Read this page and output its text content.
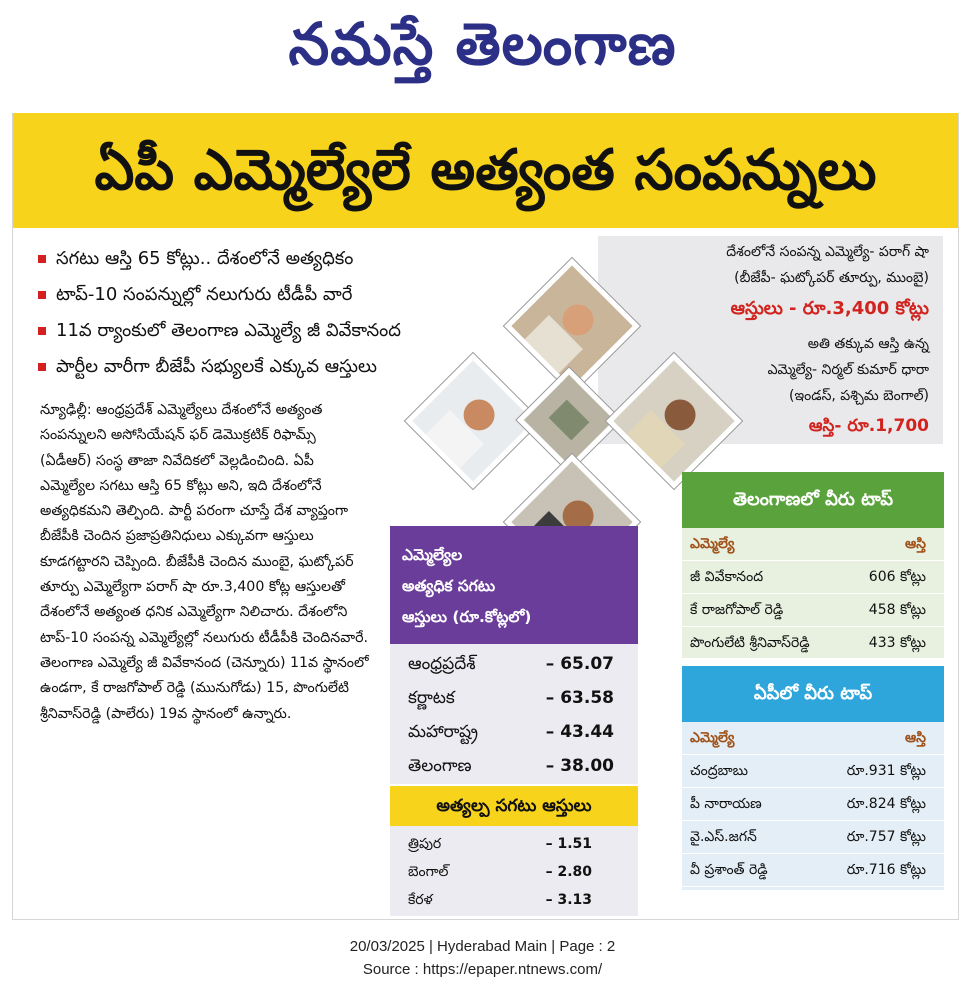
నమస్తే తెలంగాణ
ఏపీ ఎమ్మెల్యేలే అత్యంత సంపన్నులు
సగటు ఆస్తి 65 కోట్లు.. దేశంలోనే అత్యధికం
టాప్‌-10 సంపన్నుల్లో నలుగురు టీడీపీ వారే
11వ ర్యాంకులో తెలంగాణ ఎమ్మెల్యే జీ వివేకానంద
పార్టీల వారీగా బీజేపీ సభ్యులకే ఎక్కువ ఆస్తులు
న్యూఢిల్లీ: ఆంధ్రప్రదేశ్‌ ఎమ్మెల్యేలు దేశంలోనే అత్యంత సంపన్నులని అసోసియేషన్‌ ఫర్‌ డెమొక్రటిక్‌ రిఫామ్స్‌ (ఏడీఆర్‌) సంస్థ తాజా నివేదికలో వెల్లడించింది. ఏపీ ఎమ్మెల్యేల సగటు ఆస్తి 65 కోట్లు అని, ఇది దేశంలోనే అత్యధికమని తెల్పింది. పార్టీ పరంగా చూస్తే దేశ వ్యాప్తంగా బీజేపీకి చెందిన ప్రజాప్రతినిధులు ఎక్కువగా ఆస్తులు కూడగట్టారని చెప్పింది. బీజేపీకి చెందిన ముంబై, ఘట్కోపర్‌ తూర్పు ఎమ్మెల్యేగా పరాగ్‌ షా రూ.3,400 కోట్ల ఆస్తులతో దేశంలోనే అత్యంత ధనిక ఎమ్మెల్యేగా నిలిచారు. దేశంలోని టాప్‌-10 సంపన్న ఎమ్మెల్యేల్లో నలుగురు టీడీపీకి చెందినవారే. తెలంగాణ ఎమ్మెల్యే జీ వివేకానంద (చెన్నూరు) 11వ స్థానంలో ఉండగా, కే రాజగోపాల్‌ రెడ్డి (మునుగోడు) 15, పొంగులేటి శ్రీనివాస్‌రెడ్డి (పాలేరు) 19వ స్థానంలో ఉన్నారు.
దేశంలోనే సంపన్న ఎమ్మెల్యే- పరాగ్‌ షా
(బీజేపీ- ఘట్కోపర్‌ తూర్పు, ముంబై)
ఆస్తులు - రూ.3,400 కోట్లు
అతి తక్కువ ఆస్తి ఉన్న
ఎమ్మెల్యే- నిర్మల్‌ కుమార్‌ ధారా
(ఇండస్‌, పశ్చిమ బెంగాల్‌)
ఆస్తి- రూ.1,700
ఎమ్మెల్యేల
అత్యధిక సగటు
ఆస్తులు (రూ.కోట్లలో)
ఆంధ్రప్రదేశ్‌	– 65.07
కర్ణాటక	– 63.58
మహారాష్ట్ర	– 43.44
తెలంగాణ	– 38.00
అత్యల్ప సగటు ఆస్తులు
త్రిపుర	– 1.51
బెంగాల్‌	– 2.80
కేరళ	– 3.13
తెలంగాణలో వీరు టాప్‌
ఎమ్మెల్యే	ఆస్తి
జీ వివేకానంద	606 కోట్లు
కే రాజగోపాల్‌ రెడ్డి	458 కోట్లు
పొంగులేటి శ్రీనివాస్‌రెడ్డి	433 కోట్లు
ఏపీలో వీరు టాప్‌
ఎమ్మెల్యే	ఆస్తి
చంద్రబాబు	రూ.931 కోట్లు
పీ నారాయణ	రూ.824 కోట్లు
వై.ఎస్‌.జగన్‌	రూ.757 కోట్లు
వీ ప్రశాంత్‌ రెడ్డి	రూ.716 కోట్లు
20/03/2025 | Hyderabad Main | Page : 2
Source : https://epaper.ntnews.com/
